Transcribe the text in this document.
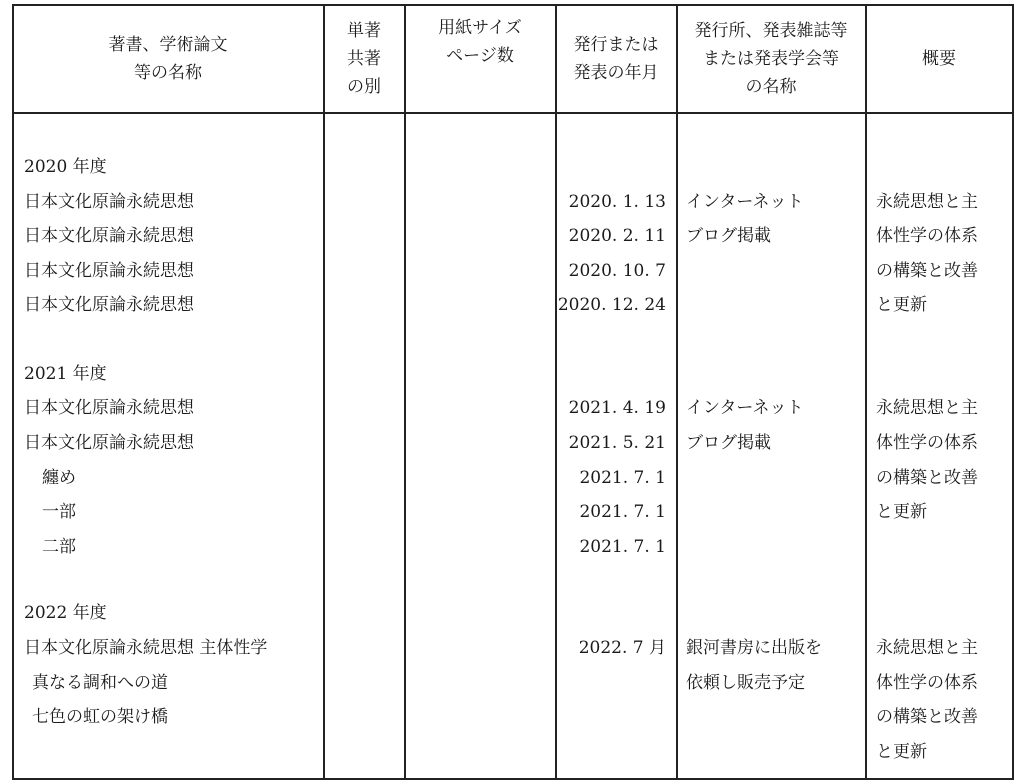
著書、学術論文
等の名称
単著
共著
の別
用紙サイズ
ページ数
発行または
発表の年月
発行所、発表雑誌等
または発表学会等
の名称
概要
2020 年度
日本文化原論永続思想
日本文化原論永続思想
日本文化原論永続思想
日本文化原論永続思想
2020. 1. 13
2020. 2. 11
2020. 10. 7
2020. 12. 24
インターネット
ブログ掲載
永続思想と主
体性学の体系
の構築と改善
と更新
2021 年度
日本文化原論永続思想
日本文化原論永続思想
纏め
一部
二部
2021. 4. 19
2021. 5. 21
2021. 7. 1
2021. 7. 1
2021. 7. 1
インターネット
ブログ掲載
永続思想と主
体性学の体系
の構築と改善
と更新
2022 年度
日本文化原論永続思想 主体性学
真なる調和への道
七色の虹の架け橋
2022. 7 月 銀河書房に出版を
依頼し販売予定
永続思想と主
体性学の体系
の構築と改善
と更新
